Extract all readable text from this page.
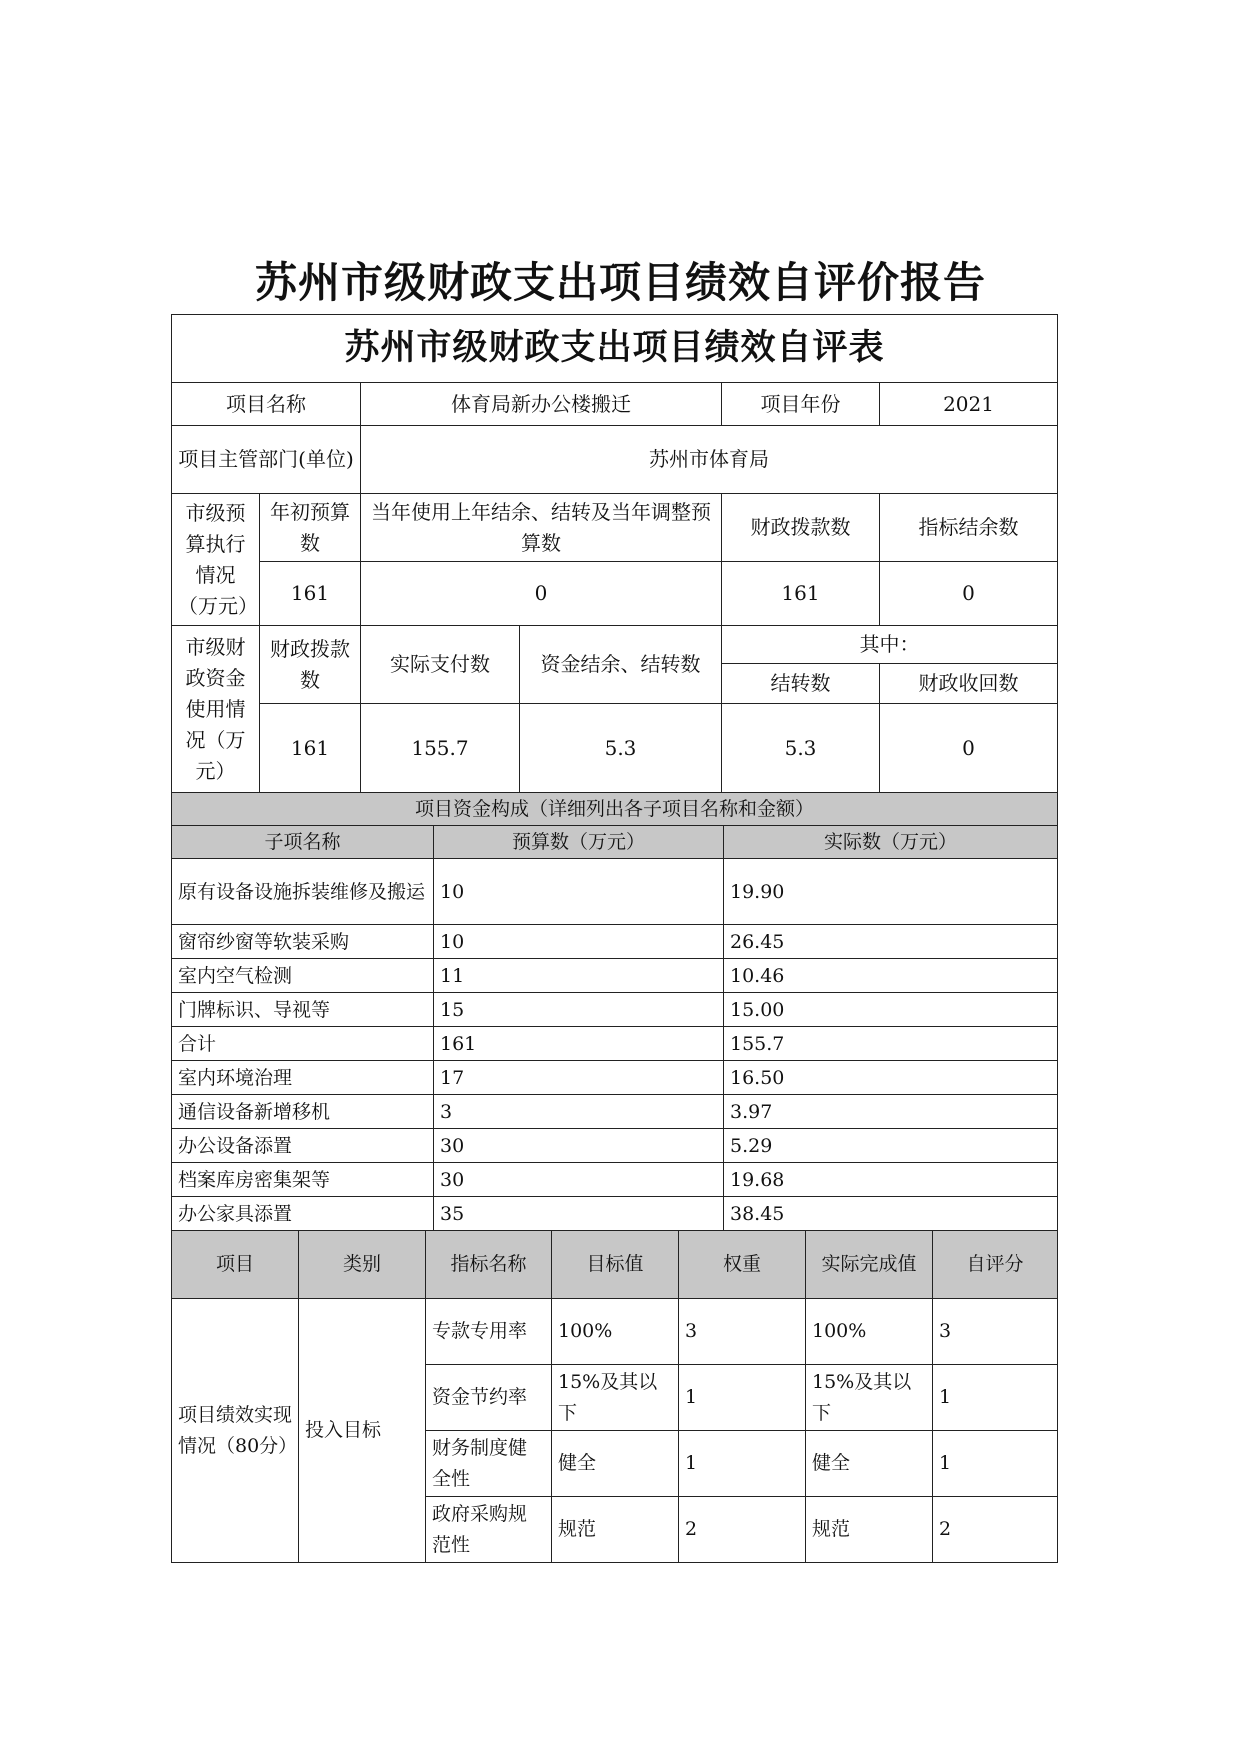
苏州市级财政支出项目绩效自评价报告
苏州市级财政支出项目绩效自评表					
项目名称		体育局新办公楼搬迁		项目年份	2021
项目主管部门(单位)		苏州市体育局			
市级预算执行情况（万元）	年初预算数	当年使用上年结余、结转及当年调整预算数		财政拨款数	指标结余数
	161	0		161	0
市级财政资金使用情况（万元）	财政拨款数	实际支付数	资金结余、结转数	其中：	
				结转数	财政收回数
	161	155.7	5.3	5.3	0
项目资金构成（详细列出各子项目名称和金额）		
子项名称	预算数（万元）	实际数（万元）
原有设备设施拆装维修及搬运	10	19.90
窗帘纱窗等软装采购	10	26.45
室内空气检测	11	10.46
门牌标识、导视等	15	15.00
合计	161	155.7
室内环境治理	17	16.50
通信设备新增移机	3	3.97
办公设备添置	30	5.29
档案库房密集架等	30	19.68
办公家具添置	35	38.45
项目	类别	指标名称	目标值	权重	实际完成值	自评分
项目绩效实现情况（80分）	投入目标	专款专用率	100%	3	100%	3
		资金节约率	15%及其以下	1	15%及其以下	1
		财务制度健全性	健全	1	健全	1
		政府采购规范性	规范	2	规范	2
